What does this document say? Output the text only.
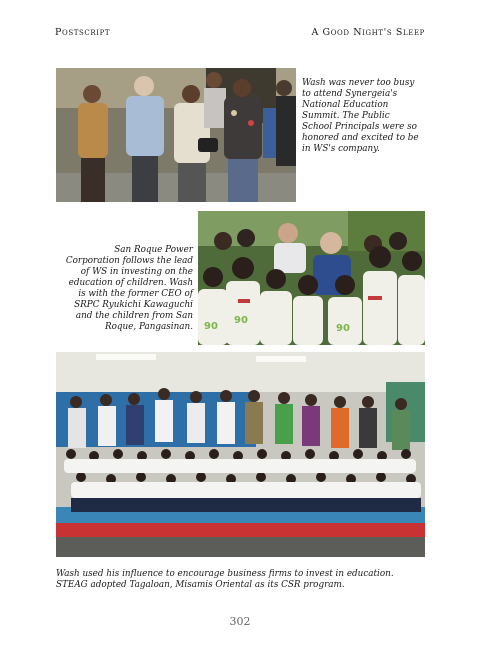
Postscript	A Good Night's Sleep

Wash was never too busy to attend Synergeia's National Education Summit. The Public School Principals were so honored and excited to be in WS's company.

San Roque Power Corporation follows the lead of WS in investing on the education of children. Wash is with the former CEO of SRPC Ryukichi Kawaguchi and the children from San Roque, Pangasinan. 90
90
90

Wash used his influence to encourage business firms to invest in education. STEAG adopted Tagaloan, Misamis Oriental as its CSR program.

302
